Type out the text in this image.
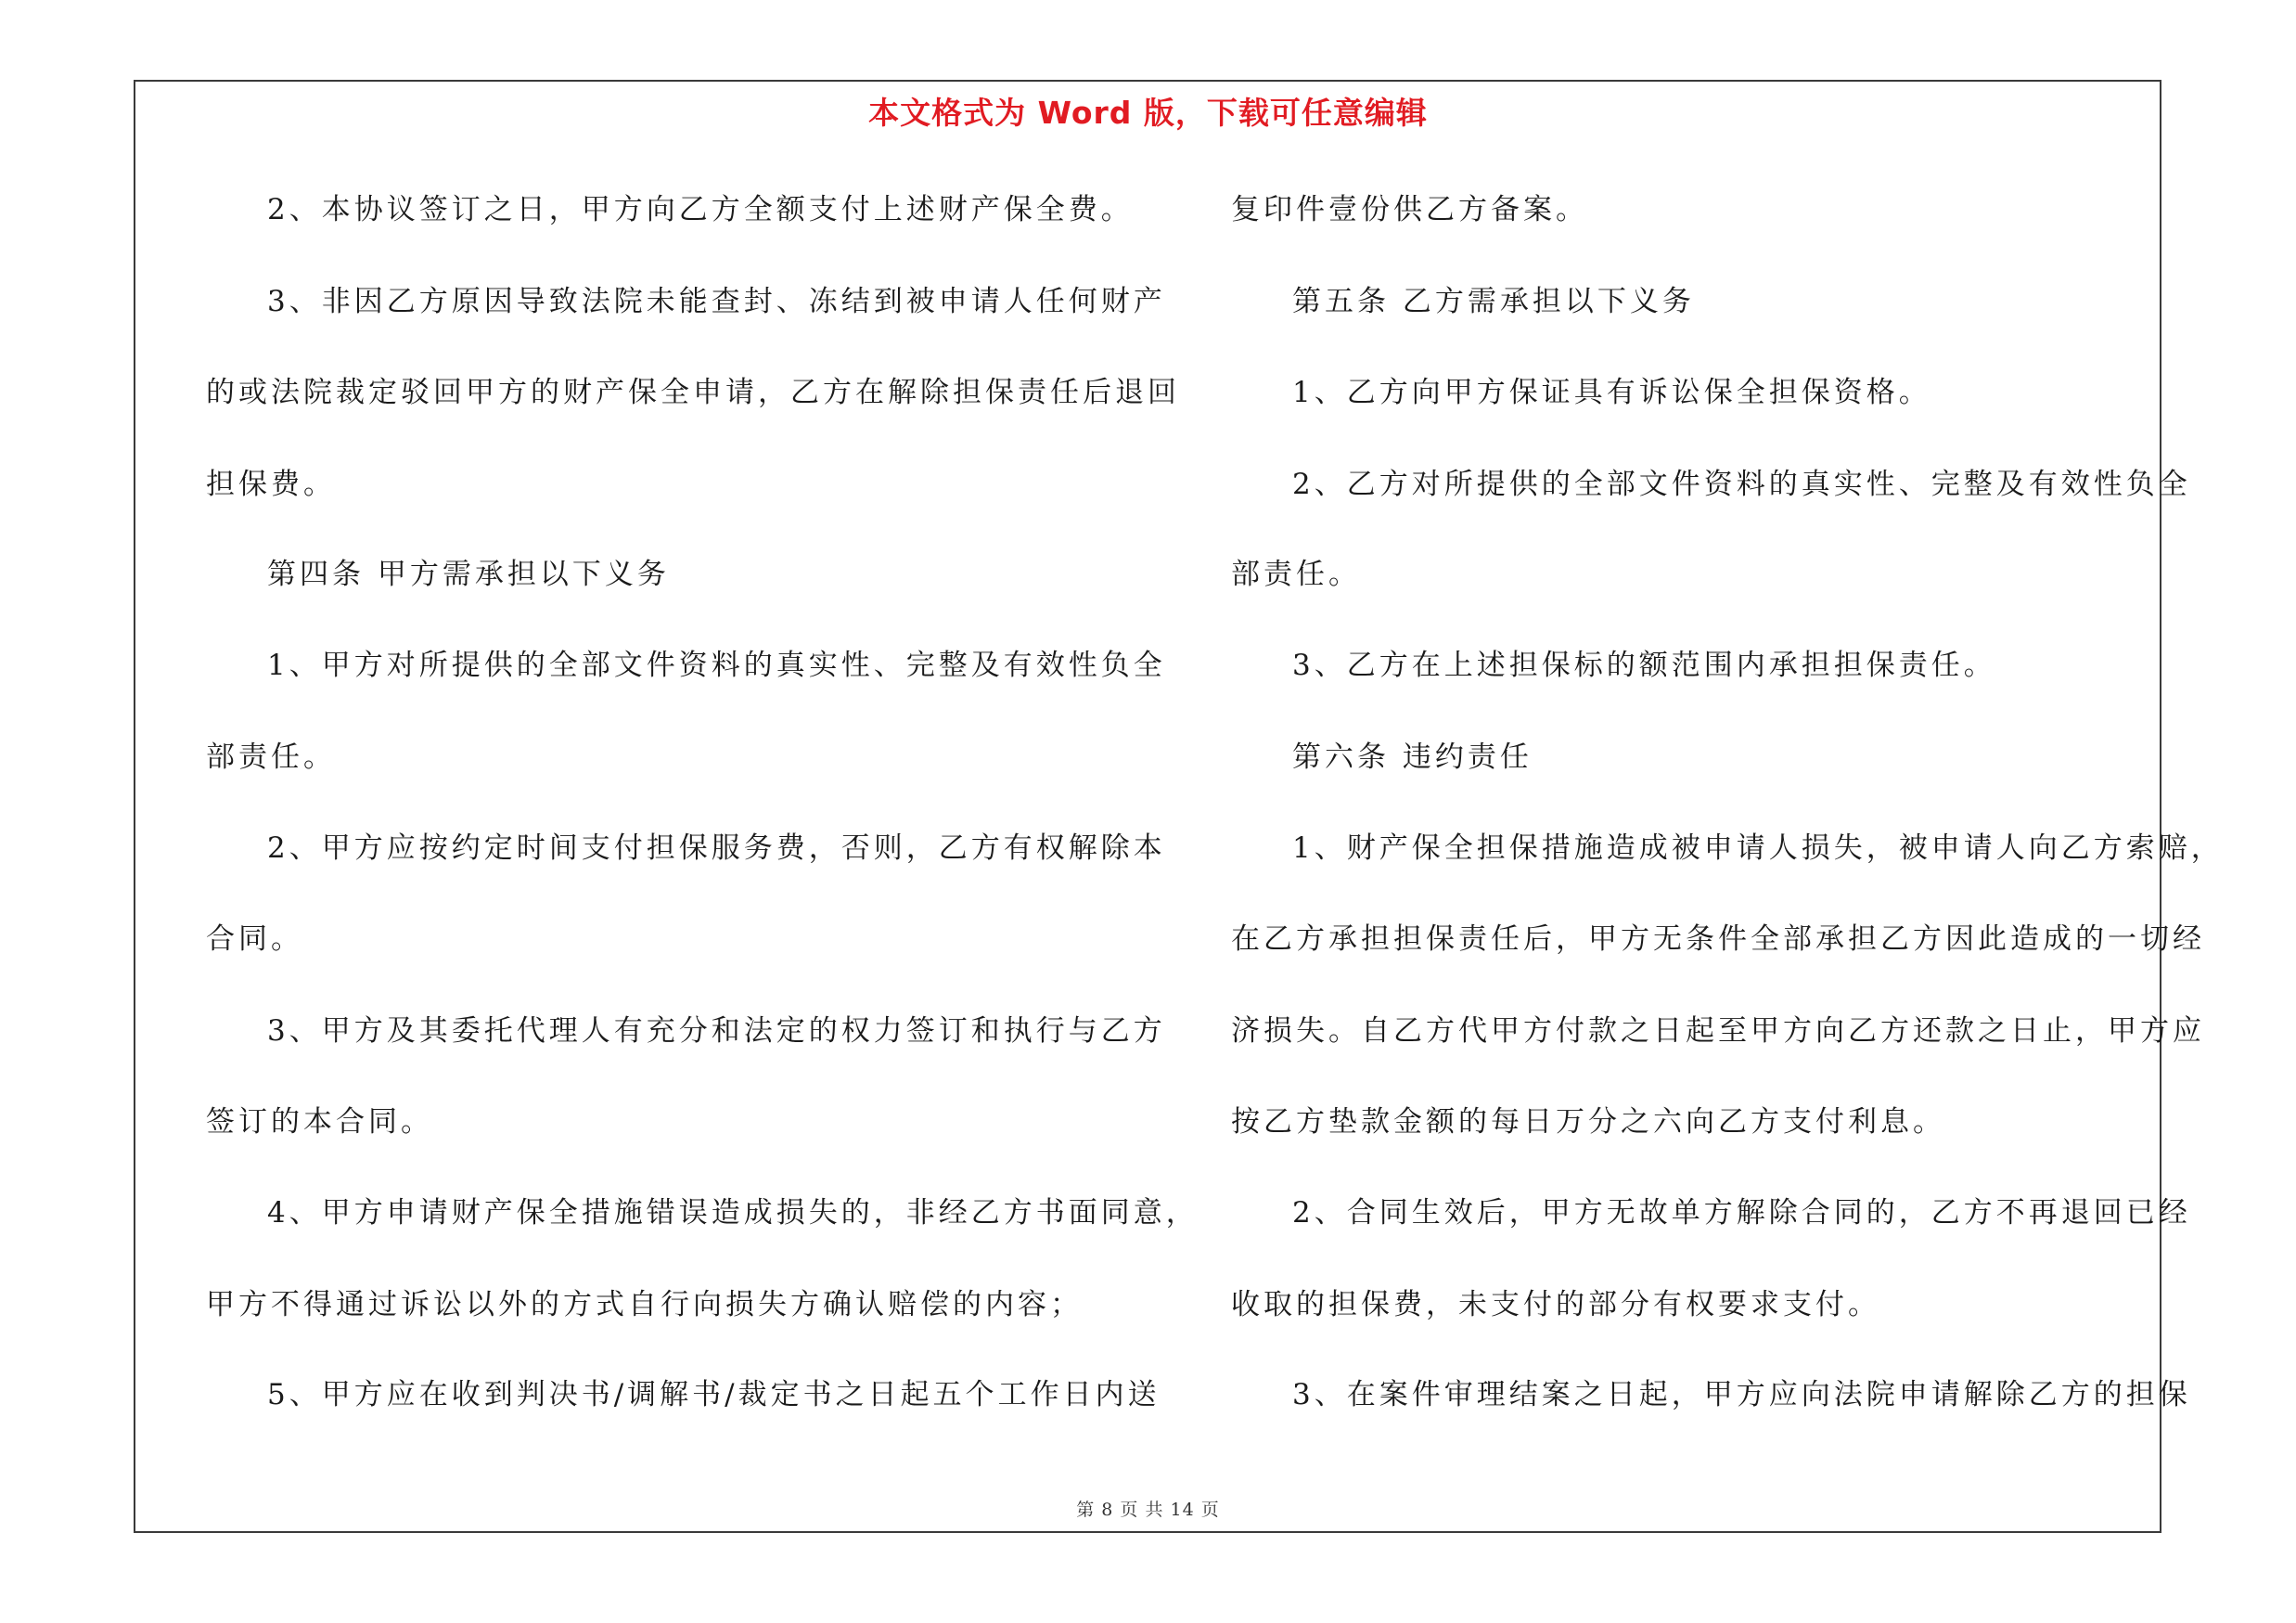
本文格式为 Word 版，下载可任意编辑
2、本协议签订之日，甲方向乙方全额支付上述财产保全费。
3、非因乙方原因导致法院未能查封、冻结到被申请人任何财产
的或法院裁定驳回甲方的财产保全申请，乙方在解除担保责任后退回
担保费。
第四条 甲方需承担以下义务
1、甲方对所提供的全部文件资料的真实性、完整及有效性负全
部责任。
2、甲方应按约定时间支付担保服务费，否则，乙方有权解除本
合同。
3、甲方及其委托代理人有充分和法定的权力签订和执行与乙方
签订的本合同。
4、甲方申请财产保全措施错误造成损失的，非经乙方书面同意，
甲方不得通过诉讼以外的方式自行向损失方确认赔偿的内容；
5、甲方应在收到判决书/调解书/裁定书之日起五个工作日内送
复印件壹份供乙方备案。
第五条 乙方需承担以下义务
1、乙方向甲方保证具有诉讼保全担保资格。
2、乙方对所提供的全部文件资料的真实性、完整及有效性负全
部责任。
3、乙方在上述担保标的额范围内承担担保责任。
第六条 违约责任
1、财产保全担保措施造成被申请人损失，被申请人向乙方索赔，
在乙方承担担保责任后，甲方无条件全部承担乙方因此造成的一切经
济损失。自乙方代甲方付款之日起至甲方向乙方还款之日止，甲方应
按乙方垫款金额的每日万分之六向乙方支付利息。
2、合同生效后，甲方无故单方解除合同的，乙方不再退回已经
收取的担保费，未支付的部分有权要求支付。
3、在案件审理结案之日起，甲方应向法院申请解除乙方的担保
第 8 页 共 14 页
